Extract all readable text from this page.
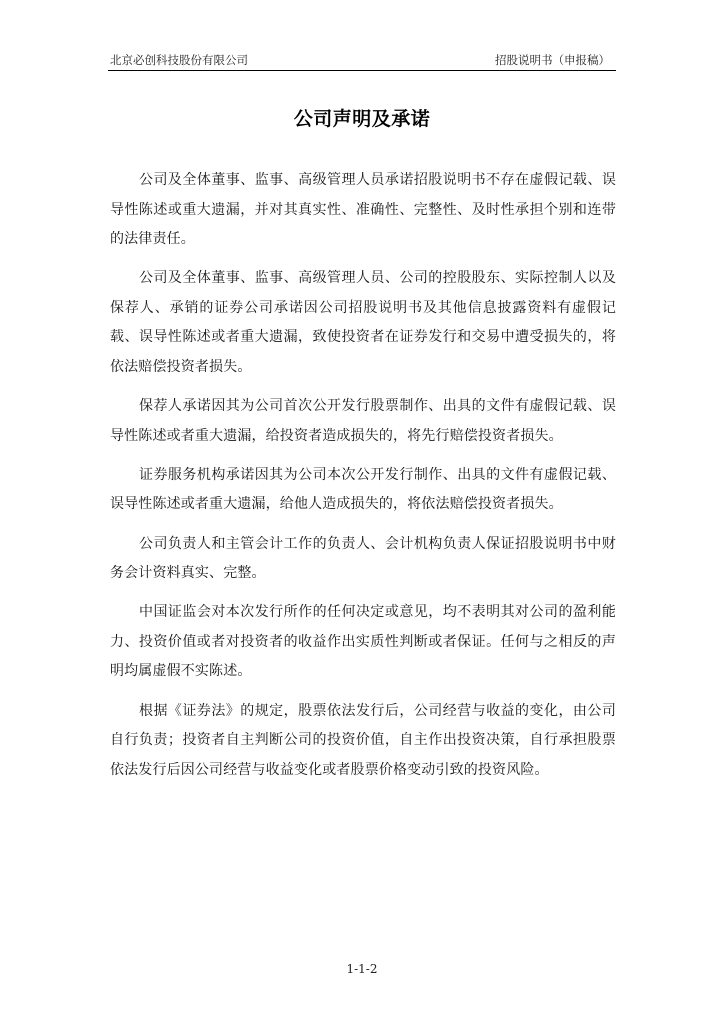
北京必创科技股份有限公司	招股说明书（申报稿）
公司声明及承诺

公司及全体董事、监事、高级管理人员承诺招股说明书不存在虚假记载、误导性陈述或重大遗漏，并对其真实性、准确性、完整性、及时性承担个别和连带的法律责任。

公司及全体董事、监事、高级管理人员、公司的控股股东、实际控制人以及保荐人、承销的证券公司承诺因公司招股说明书及其他信息披露资料有虚假记载、误导性陈述或者重大遗漏，致使投资者在证券发行和交易中遭受损失的，将依法赔偿投资者损失。

保荐人承诺因其为公司首次公开发行股票制作、出具的文件有虚假记载、误导性陈述或者重大遗漏，给投资者造成损失的，将先行赔偿投资者损失。

证券服务机构承诺因其为公司本次公开发行制作、出具的文件有虚假记载、误导性陈述或者重大遗漏，给他人造成损失的，将依法赔偿投资者损失。

公司负责人和主管会计工作的负责人、会计机构负责人保证招股说明书中财务会计资料真实、完整。

中国证监会对本次发行所作的任何决定或意见，均不表明其对公司的盈利能力、投资价值或者对投资者的收益作出实质性判断或者保证。任何与之相反的声明均属虚假不实陈述。

根据《证券法》的规定，股票依法发行后，公司经营与收益的变化，由公司自行负责；投资者自主判断公司的投资价值，自主作出投资决策，自行承担股票依法发行后因公司经营与收益变化或者股票价格变动引致的投资风险。

1-1-2
